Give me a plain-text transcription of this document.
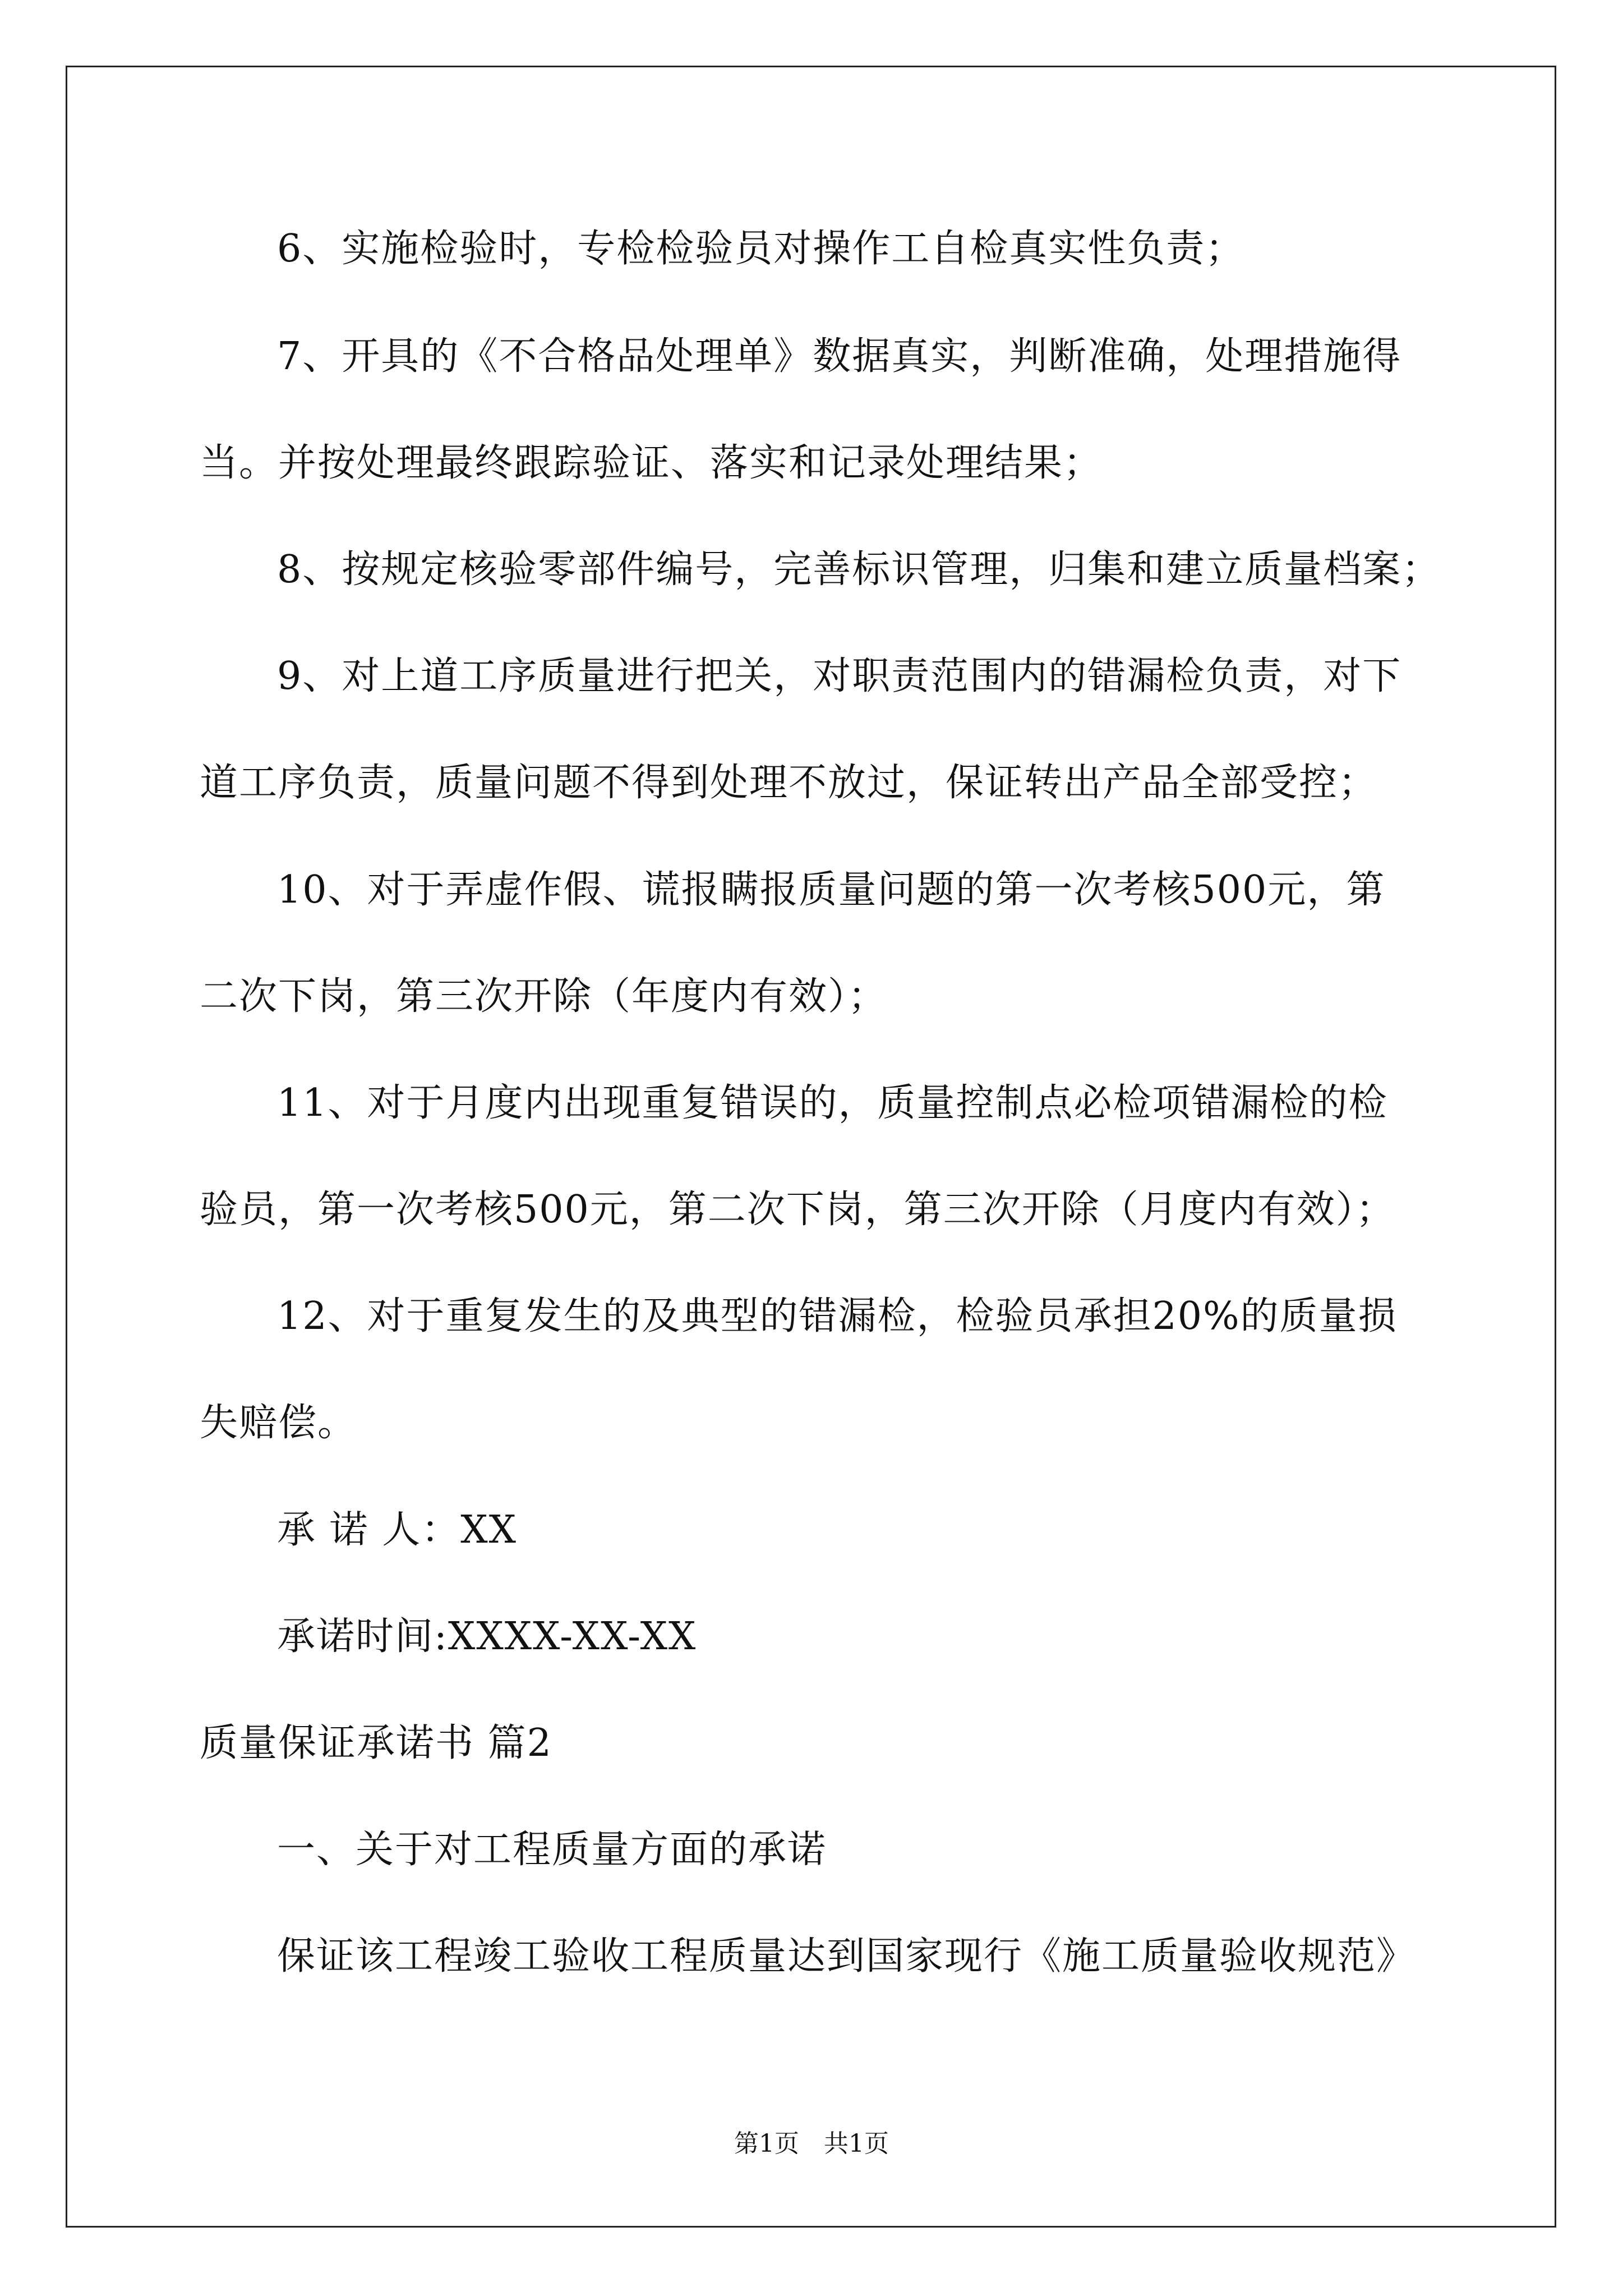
6、实施检验时，专检检验员对操作工自检真实性负责；
7、开具的《不合格品处理单》数据真实，判断准确，处理措施得
当。并按处理最终跟踪验证、落实和记录处理结果；
8、按规定核验零部件编号，完善标识管理，归集和建立质量档案；
9、对上道工序质量进行把关，对职责范围内的错漏检负责，对下
道工序负责，质量问题不得到处理不放过，保证转出产品全部受控；
10、对于弄虚作假、谎报瞒报质量问题的第一次考核500元，第
二次下岗，第三次开除（年度内有效）；
11、对于月度内出现重复错误的，质量控制点必检项错漏检的检
验员，第一次考核500元，第二次下岗，第三次开除（月度内有效）；
12、对于重复发生的及典型的错漏检，检验员承担20%的质量损
失赔偿。
承 诺 人：XX
承诺时间:XXXX-XX-XX
质量保证承诺书 篇2
一、关于对工程质量方面的承诺
保证该工程竣工验收工程质量达到国家现行《施工质量验收规范》
第1页　共1页
